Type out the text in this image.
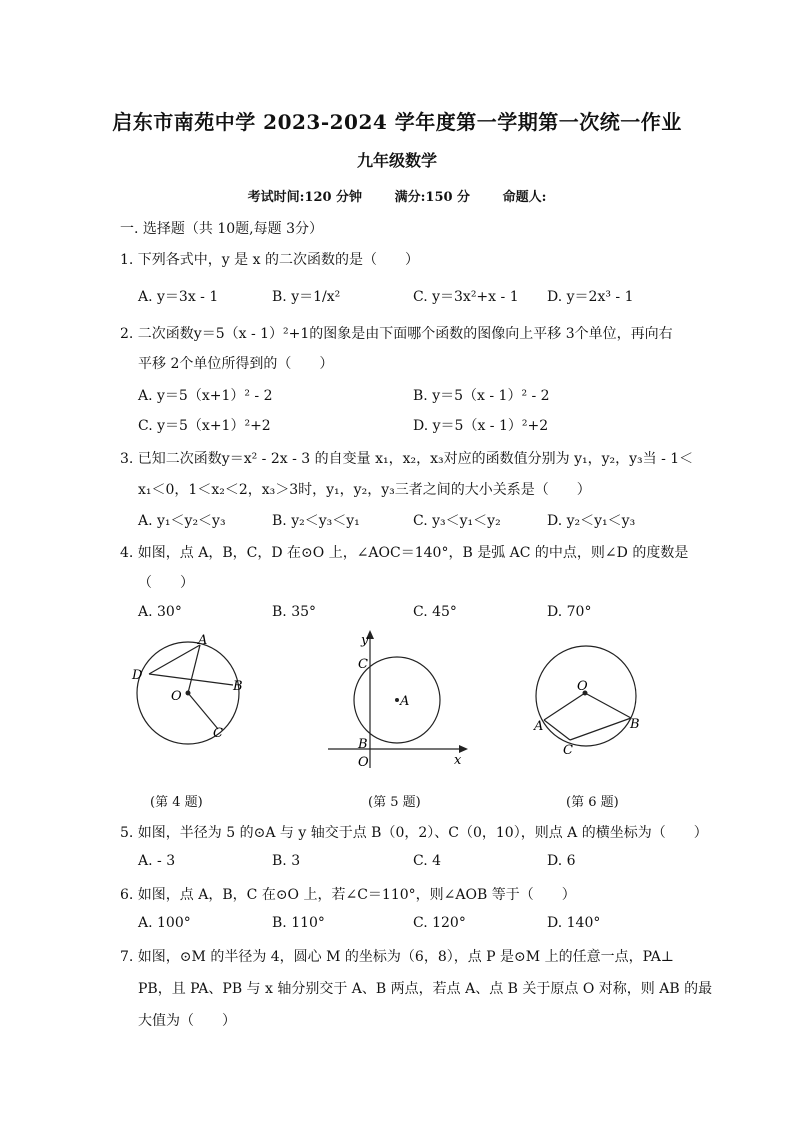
启东市南苑中学 2023-2024 学年度第一学期第一次统一作业
九年级数学
考试时间:120 分钟	满分:150 分	命题人:
一. 选择题（共 10题,每题 3分）
1. 下列各式中，y 是 x 的二次函数的是（　　）
A. y＝3x - 1	B. y＝1/x²	C. y＝3x²+x - 1 D. y＝2x³ - 1
2. 二次函数y＝5（x - 1）²+1的图象是由下面哪个函数的图像向上平移 3个单位，再向右
平移 2个单位所得到的（　　）
A. y＝5（x+1）² - 2	B. y＝5（x - 1）² - 2
C. y＝5（x+1）²+2	D. y＝5（x - 1）²+2
3. 已知二次函数y＝x² - 2x - 3 的自变量 x₁，x₂，x₃对应的函数值分别为 y₁，y₂，y₃当 - 1＜
x₁＜0，1＜x₂＜2，x₃＞3时，y₁，y₂，y₃三者之间的大小关系是（　　）
A. y₁＜y₂＜y₃	B. y₂＜y₃＜y₁	C. y₃＜y₁＜y₂	D. y₂＜y₁＜y₃
4. 如图，点 A，B，C，D 在⊙O 上，∠AOC＝140°，B 是弧 AC 的中点，则∠D 的度数是
（　　）
A. 30°	B. 35°	C. 45°	D. 70°
A
B
C
D
O
(第 4 题)
y
x
C
B
O
A
(第 5 题)
O
A	B
C
(第 6 题)
5. 如图，半径为 5 的⊙A 与 y 轴交于点 B（0，2）、C（0，10），则点 A 的横坐标为（　　）
A. - 3	B. 3	C. 4	D. 6
6. 如图，点 A，B，C 在⊙O 上，若∠C＝110°，则∠AOB 等于（　　）
A. 100°	B. 110°	C. 120°	D. 140°
7. 如图，⊙M 的半径为 4，圆心 M 的坐标为（6，8），点 P 是⊙M 上的任意一点，PA⊥
PB，且 PA、PB 与 x 轴分别交于 A、B 两点，若点 A、点 B 关于原点 O 对称，则 AB 的最
大值为（　　）
